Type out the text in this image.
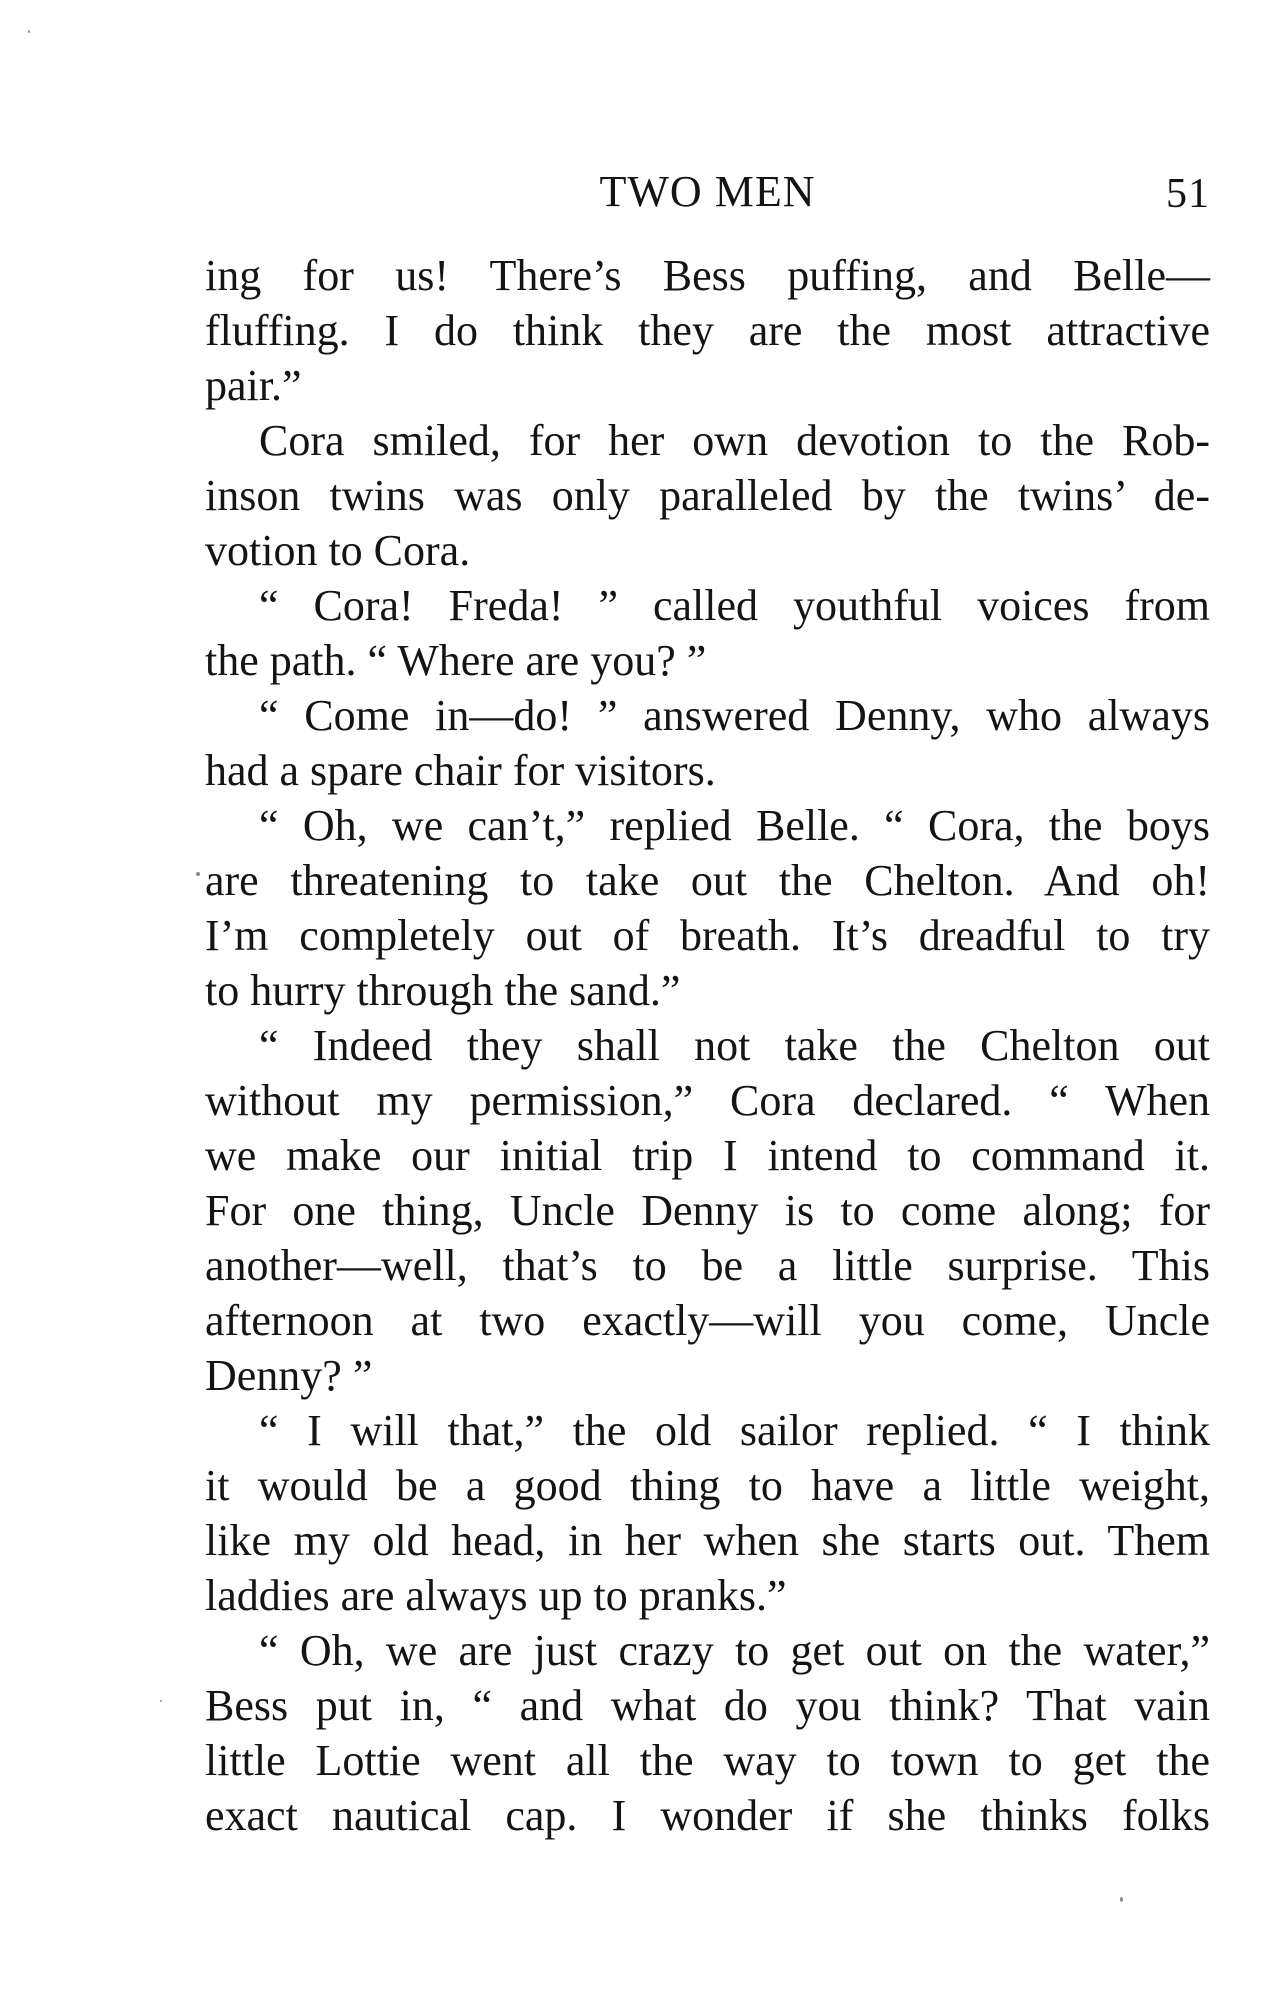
TWO MEN	51
ing for us! There’s Bess puffing, and Belle—
fluffing. I do think they are the most attractive
pair.”
Cora smiled, for her own devotion to the Rob-
inson twins was only paralleled by the twins’ de-
votion to Cora.
“ Cora! Freda! ” called youthful voices from
the path. “ Where are you? ”
“ Come in—do! ” answered Denny, who always
had a spare chair for visitors.
“ Oh, we can’t,” replied Belle. “ Cora, the boys
are threatening to take out the Chelton. And oh!
I’m completely out of breath. It’s dreadful to try
to hurry through the sand.”
“ Indeed they shall not take the Chelton out
without my permission,” Cora declared. “ When
we make our initial trip I intend to command it.
For one thing, Uncle Denny is to come along; for
another—well, that’s to be a little surprise. This
afternoon at two exactly—will you come, Uncle
Denny? ”
“ I will that,” the old sailor replied. “ I think
it would be a good thing to have a little weight,
like my old head, in her when she starts out. Them
laddies are always up to pranks.”
“ Oh, we are just crazy to get out on the water,”
Bess put in, “ and what do you think? That vain
little Lottie went all the way to town to get the
exact nautical cap. I wonder if she thinks folks
